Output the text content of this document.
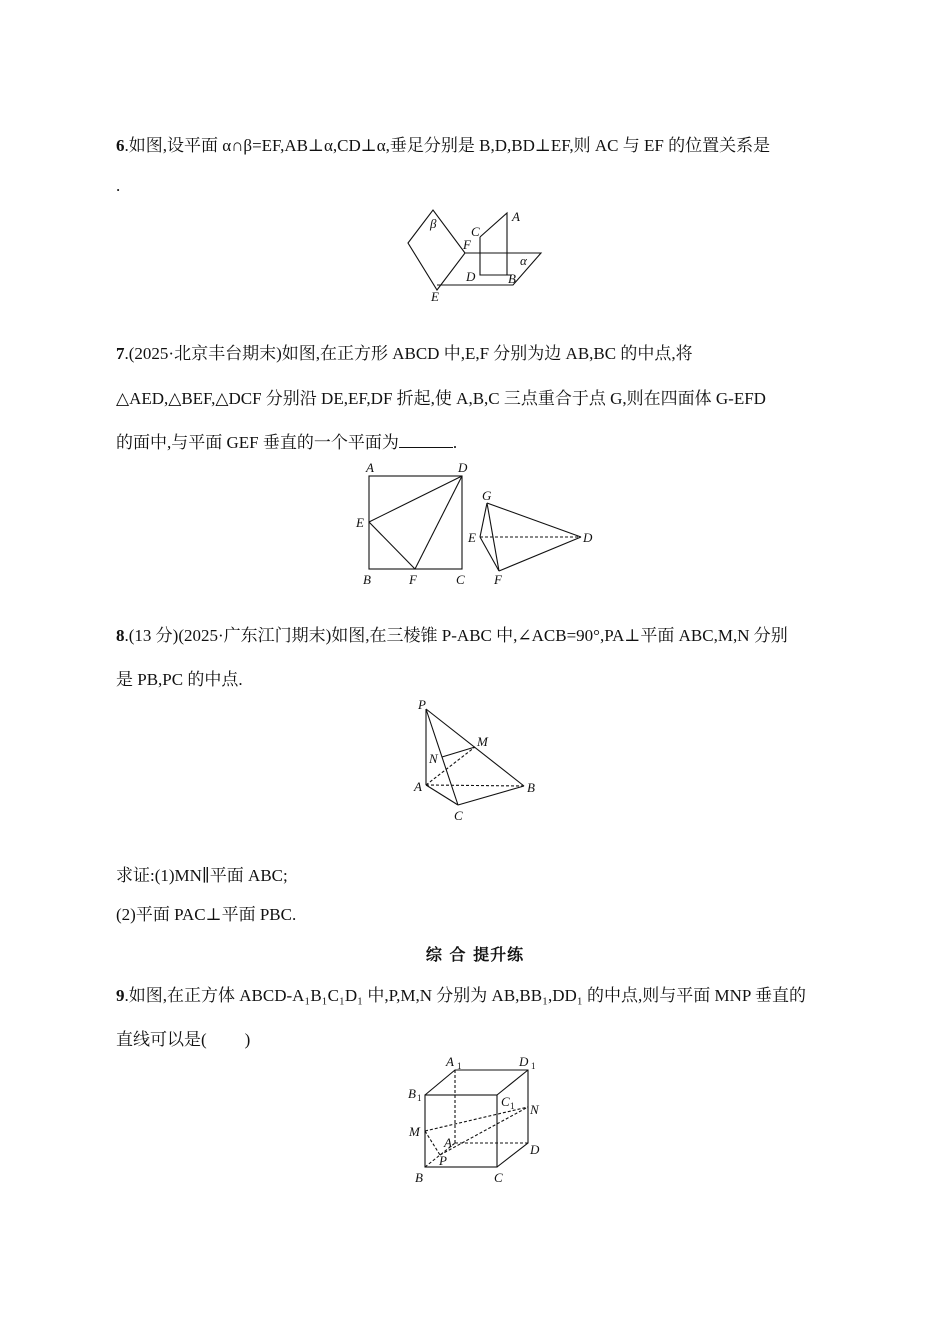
6.如图,设平面 α∩β=EF,AB⊥α,CD⊥α,垂足分别是 B,D,BD⊥EF,则 AC 与 EF 的位置关系是
.
β
α
A
B
C
D
E
F
7.(2025·北京丰台期末)如图,在正方形 ABCD 中,E,F 分别为边 AB,BC 的中点,将
△AED,△BEF,△DCF 分别沿 DE,EF,DF 折起,使 A,B,C 三点重合于点 G,则在四面体 G-EFD
的面中,与平面 GEF 垂直的一个平面为	.
A	D
E
B	F	C
G
E	D
F
8.(13 分)(2025·广东江门期末)如图,在三棱锥 P-ABC 中,∠ACB=90°,PA⊥平面 ABC,M,N 分别
是 PB,PC 的中点.
P
M
N
A	B
C
求证:(1)MN∥平面 ABC;
(2)平面 PAC⊥平面 PBC.
综 合 提升练
9.如图,在正方体 ABCD-A₁B₁C₁D₁ 中,P,M,N 分别为 AB,BB₁,DD₁ 的中点,则与平面 MNP 垂直的
直线可以是( )
A 1	D 1
B 1	C 1 N
M
A	D
P
B	C
